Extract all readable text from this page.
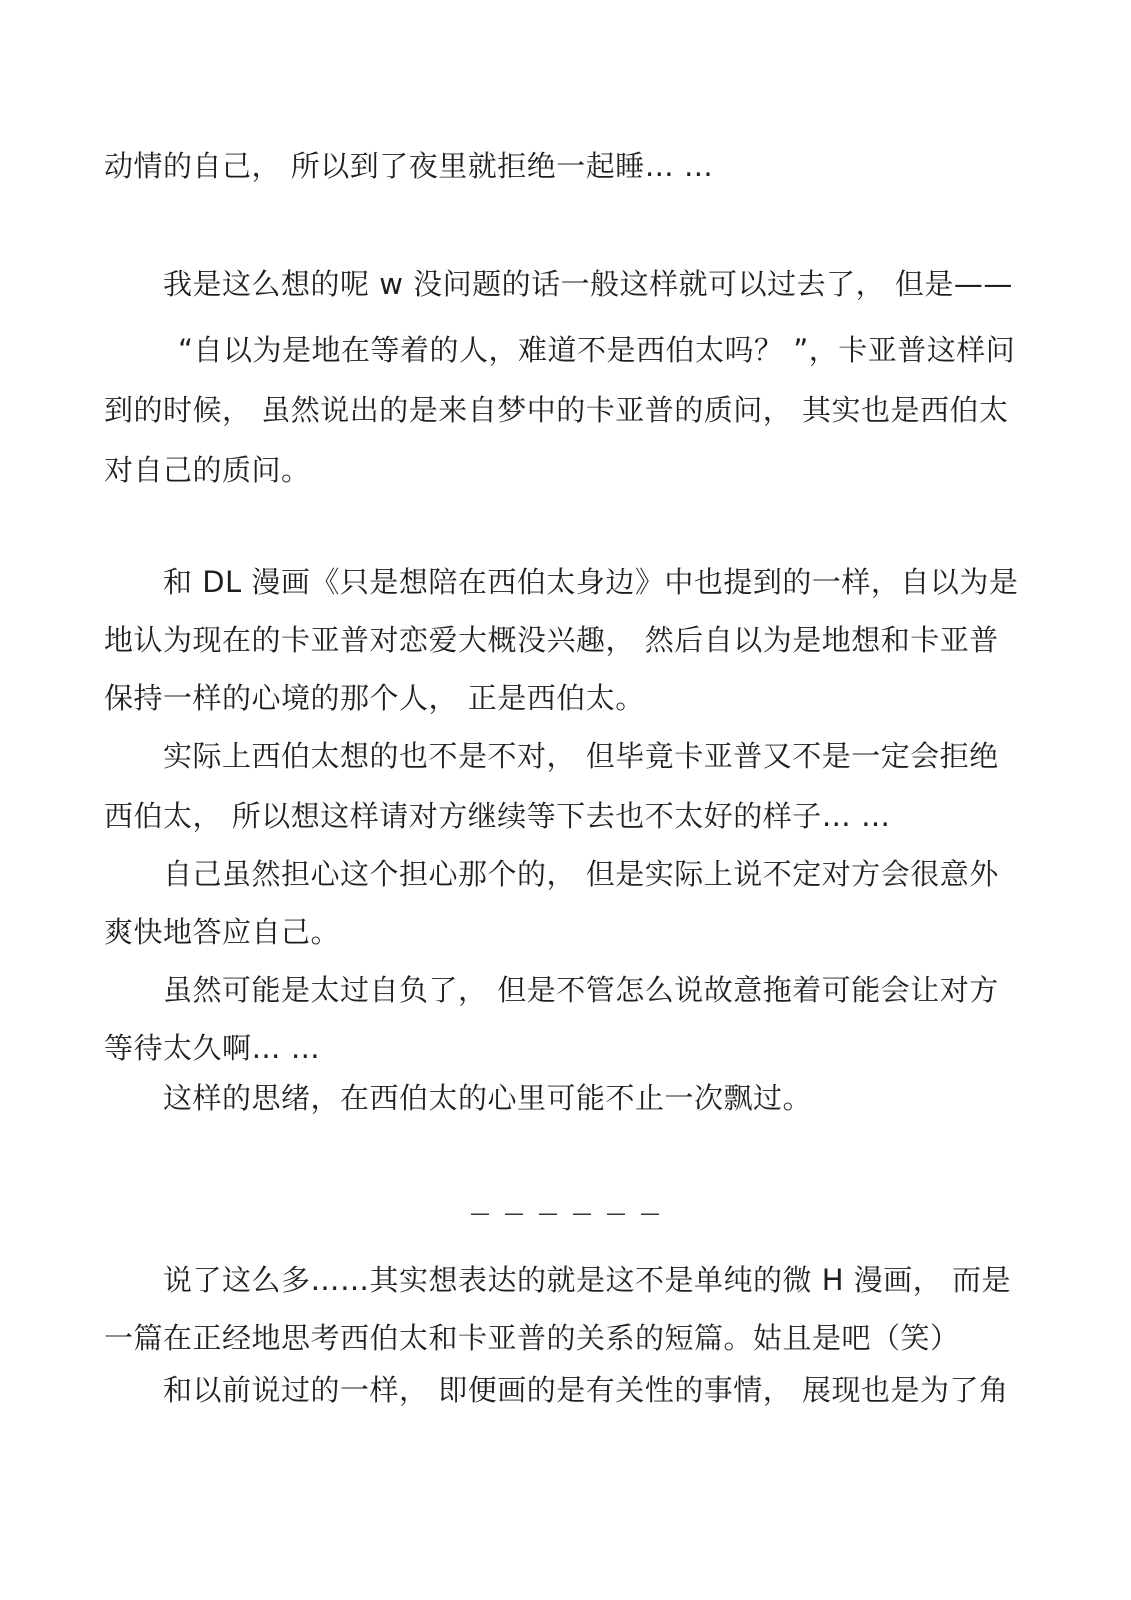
动情的自己， 所以到了夜里就拒绝一起睡… …
我是这么想的呢 w 没问题的话一般这样就可以过去了， 但是——
“自以为是地在等着的人，难道不是西伯太吗？ ”，卡亚普这样问
到的时候， 虽然说出的是来自梦中的卡亚普的质问， 其实也是西伯太
对自己的质问。
和 DL 漫画《只是想陪在西伯太身边》中也提到的一样，自以为是
地认为现在的卡亚普对恋爱大概没兴趣， 然后自以为是地想和卡亚普
保持一样的心境的那个人， 正是西伯太。
实际上西伯太想的也不是不对， 但毕竟卡亚普又不是一定会拒绝
西伯太， 所以想这样请对方继续等下去也不太好的样子… …
自己虽然担心这个担心那个的， 但是实际上说不定对方会很意外
爽快地答应自己。
虽然可能是太过自负了， 但是不管怎么说故意拖着可能会让对方
等待太久啊… …
这样的思绪，在西伯太的心里可能不止一次飘过。
——————
说了这么多……其实想表达的就是这不是单纯的微 H 漫画， 而是
一篇在正经地思考西伯太和卡亚普的关系的短篇。姑且是吧（笑）
和以前说过的一样， 即便画的是有关性的事情， 展现也是为了角
